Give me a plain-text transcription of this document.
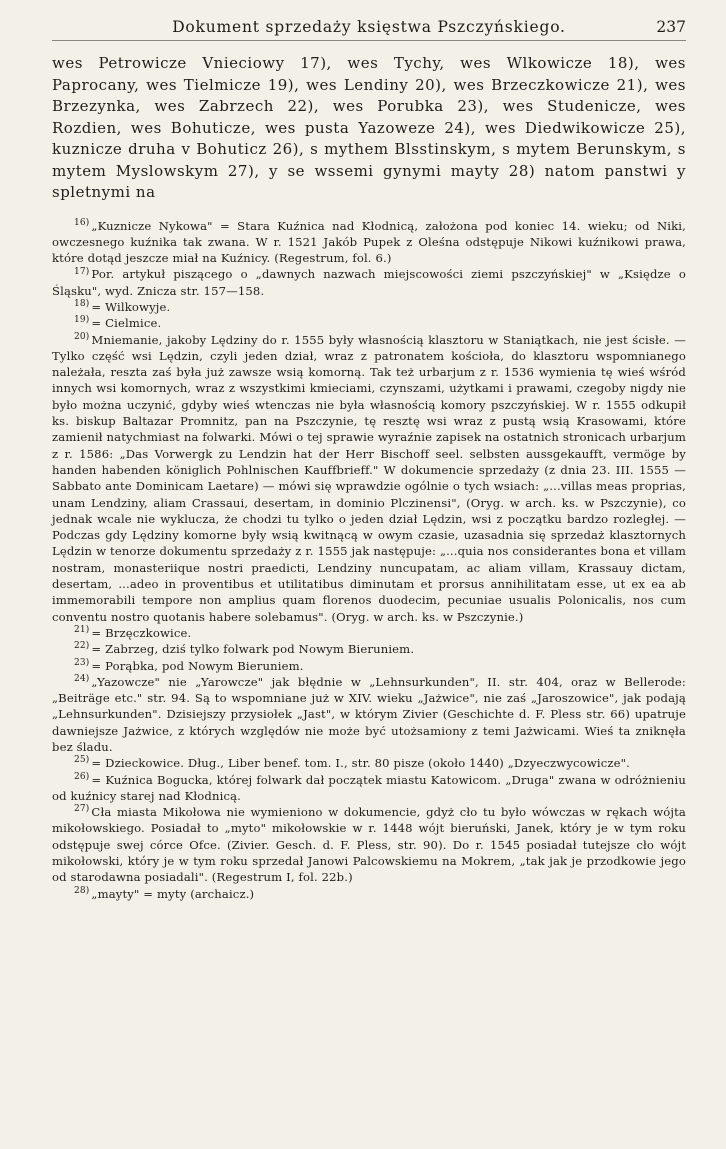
Dokument sprzedaży księstwa Pszczyńskiego.	237
wes Petrowicze Vnieciowy 17), wes Tychy, wes Wlkowicze 18), wes Paprocany, wes Tielmicze 19), wes Lendiny 20), wes Brzeczkowicze 21), wes Brzezynka, wes Zabrzech 22), wes Porubka 23), wes Studenicze, wes Rozdien, wes Bohuticze, wes pusta Yazoweze 24), wes Diedwikowicze 25), kuznicze druha v Bohuticz 26), s mythem Blsstinskym, s mytem Berunskym, s mytem Myslowskym 27), y se wssemi gynymi mayty 28) natom panstwi y spletnymi na

$^{16)}$ „Kuznicze Nykowa" = Stara Kuźnica nad Kłodnicą, założona pod koniec 14. wieku; od Niki, owczesnego kuźnika tak zwana. W r. 1521 Jakób Pupek z Oleśna odstępuje Nikowi kuźnikowi prawa, które dotąd jeszcze miał na Kuźnicy. (Regestrum, fol. 6.)

$^{17)}$ Por. artykuł piszącego o „dawnych nazwach miejscowości ziemi pszczyńskiej" w „Księdze o Śląsku", wyd. Znicza str. 157—158.

$^{18)}$ = Wilkowyje.

$^{19)}$ = Cielmice.

$^{20)}$ Mniemanie, jakoby Lędziny do r. 1555 były własnością klasztoru w Staniątkach, nie jest ścisłe. — Tylko część wsi Lędzin, czyli jeden dział, wraz z patronatem kościoła, do klasztoru wspomnianego należała, reszta zaś była już zawsze wsią komorną. Tak też urbarjum z r. 1536 wymienia tę wieś wśród innych wsi komornych, wraz z wszystkimi kmieciami, czynszami, użytkami i prawami, czegoby nigdy nie było można uczynić, gdyby wieś wtenczas nie była własnością komory pszczyńskiej. W r. 1555 odkupił ks. biskup Baltazar Promnitz, pan na Pszczynie, tę resztę wsi wraz z pustą wsią Krasowami, które zamienił natychmiast na folwarki. Mówi o tej sprawie wyraźnie zapisek na ostatnich stronicach urbarjum z r. 1586: „Das Vorwergk zu Lendzin hat der Herr Bischoff seel. selbsten aussgekaufft, vermöge by handen habenden königlich Pohlnischen Kauffbrieff." W dokumencie sprzedaży (z dnia 23. III. 1555 — Sabbato ante Dominicam Laetare) — mówi się wprawdzie ogólnie o tych wsiach: „...villas meas proprias, unam Lendziny, aliam Crassaui, desertam, in dominio Plczinensi", (Oryg. w arch. ks. w Pszczynie), co jednak wcale nie wyklucza, że chodzi tu tylko o jeden dział Lędzin, wsi z początku bardzo rozległej. — Podczas gdy Lędziny komorne były wsią kwitnącą w owym czasie, uzasadnia się sprzedaż klasztornych Lędzin w tenorze dokumentu sprzedaży z r. 1555 jak następuje: „...quia nos considerantes bona et villam nostram, monasteriique nostri praedicti, Lendziny nuncupatam, ac aliam villam, Krassauy dictam, desertam, ...adeo in proventibus et utilitatibus diminutam et prorsus annihilitatam esse, ut ex ea ab immemorabili tempore non amplius quam florenos duodecim, pecuniae usualis Polonicalis, nos cum conventu nostro quotanis habere solebamus". (Oryg. w arch. ks. w Pszczynie.)

$^{21)}$ = Brzęczkowice.

$^{22)}$ = Zabrzeg, dziś tylko folwark pod Nowym Bieruniem.

$^{23)}$ = Porąbka, pod Nowym Bieruniem.

$^{24)}$ „Yazowcze" nie „Yarowcze" jak błędnie w „Lehnsurkunden", II. str. 404, oraz w Bellerode: „Beiträge etc." str. 94. Są to wspomniane już w XIV. wieku „Jażwice", nie zaś „Jaroszowice", jak podają „Lehnsurkunden". Dzisiejszy przysiołek „Jast", w którym Zivier (Geschichte d. F. Pless str. 66) upatruje dawniejsze Jażwice, z których względów nie może być utożsamiony z temi Jażwicami. Wieś ta zniknęła bez śladu.

$^{25)}$ = Dzieckowice. Dług., Liber benef. tom. I., str. 80 pisze (około 1440) „Dzyeczwycowicze".

$^{26)}$ = Kuźnica Bogucka, której folwark dał początek miastu Katowicom. „Druga" zwana w odróżnieniu od kuźnicy starej nad Kłodnicą.

$^{27)}$ Cła miasta Mikołowa nie wymieniono w dokumencie, gdyż cło tu było wówczas w rękach wójta mikołowskiego. Posiadał to „myto" mikołowskie w r. 1448 wójt bieruński, Janek, który je w tym roku odstępuje swej córce Ofce. (Zivier. Gesch. d. F. Pless, str. 90). Do r. 1545 posiadał tutejsze cło wójt mikołowski, który je w tym roku sprzedał Janowi Palcowskiemu na Mokrem, „tak jak je przodkowie jego od starodawna posiadali". (Regestrum I, fol. 22b.)

$^{28)}$ „mayty" = myty (archaicz.)
